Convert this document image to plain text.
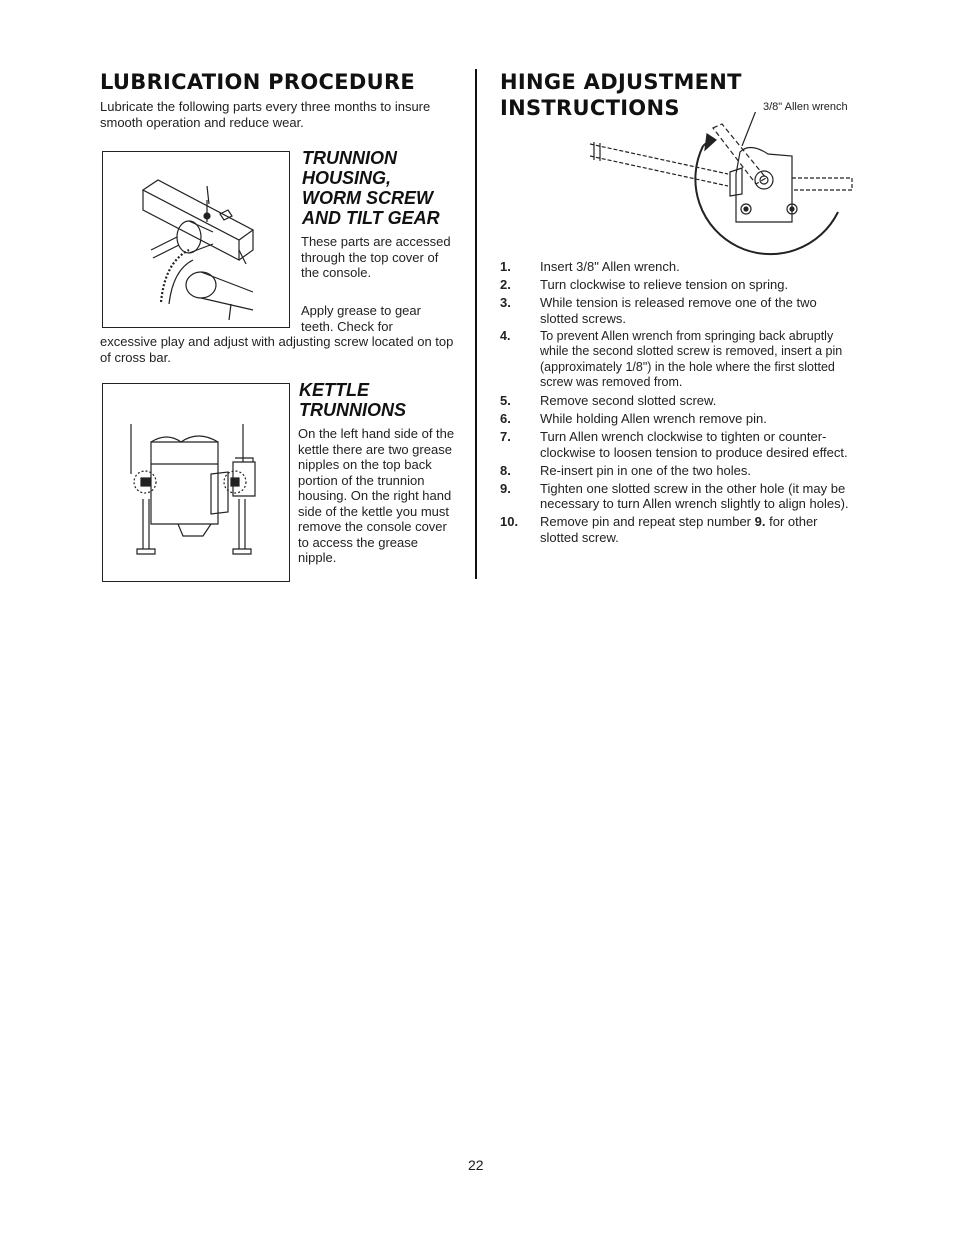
LUBRICATION PROCEDURE
Lubricate the following parts every three months to insure smooth operation and reduce wear.
TRUNNION
HOUSING,
WORM SCREW
AND TILT GEAR
These parts are accessed through the top cover of the console.
Apply grease to gear teeth. Check for
excessive play and adjust with adjusting screw located on top of cross bar.
KETTLE
TRUNNIONS
On the left hand side of the kettle there are two grease nipples on the top back portion of the trunnion housing. On the right hand side of the kettle you must remove the console cover to access the grease nipple.
HINGE ADJUSTMENT
INSTRUCTIONS	3/8" Allen wrench
1.	Insert 3/8" Allen wrench.
2.	Turn clockwise to relieve tension on spring.
3.	While tension is released remove one of the two slotted screws.
4.	To prevent Allen wrench from springing back abruptly while the second slotted screw is removed, insert a pin (approximately 1/8") in the hole where the first slotted screw was removed from.
5.	Remove second slotted screw.
6.	While holding Allen wrench remove pin.
7.	Turn Allen wrench clockwise to tighten or counter-clockwise to loosen tension to produce desired effect.
8.	Re-insert pin in one of the two holes.
9.	Tighten one slotted screw in the other hole (it may be necessary to turn Allen wrench slightly to align holes).
10.	Remove pin and repeat step number 9. for other slotted screw.
22
